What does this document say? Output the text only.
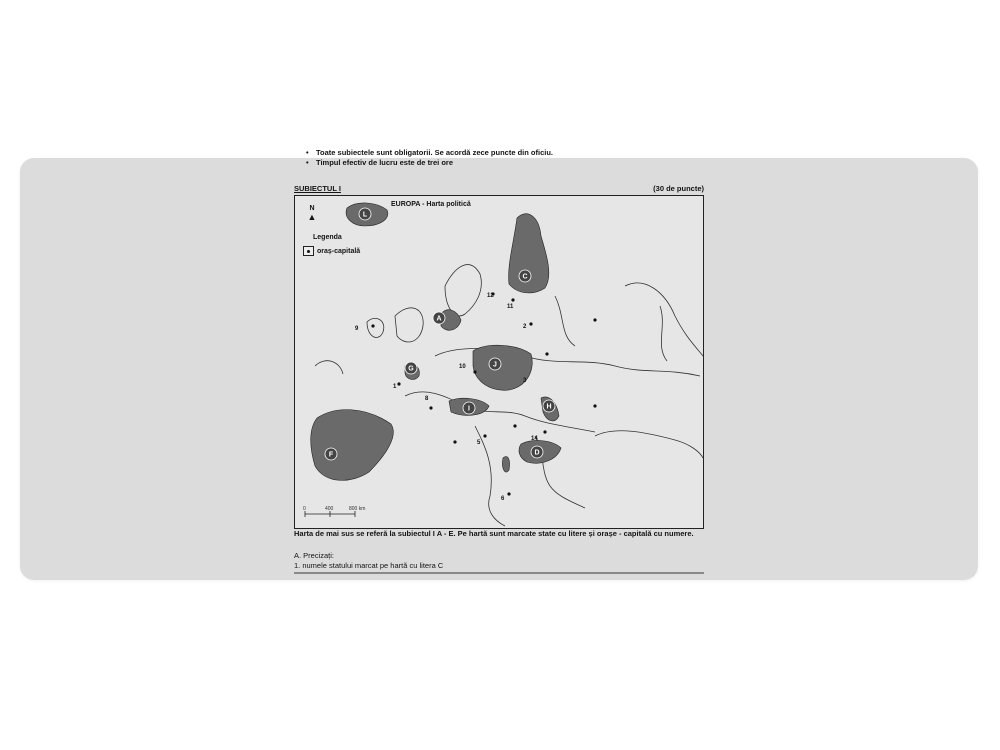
• Toate subiectele sunt obligatorii. Se acordă zece puncte din oficiu.
• Timpul efectiv de lucru este de trei ore
SUBIECTUL I	(30 de puncte)
L
C
A
J
G
I	H
F	D
12
11
2
9
1
10
8
14
3
5
6
N
▲
EUROPA - Harta politică
Legenda
oraș-capitală
0	400	800 km
Harta de mai sus se referă la subiectul I A - E. Pe hartă sunt marcate state cu litere și orașe - capitală cu numere.
A. Precizați:
1. numele statului marcat pe hartă cu litera C
